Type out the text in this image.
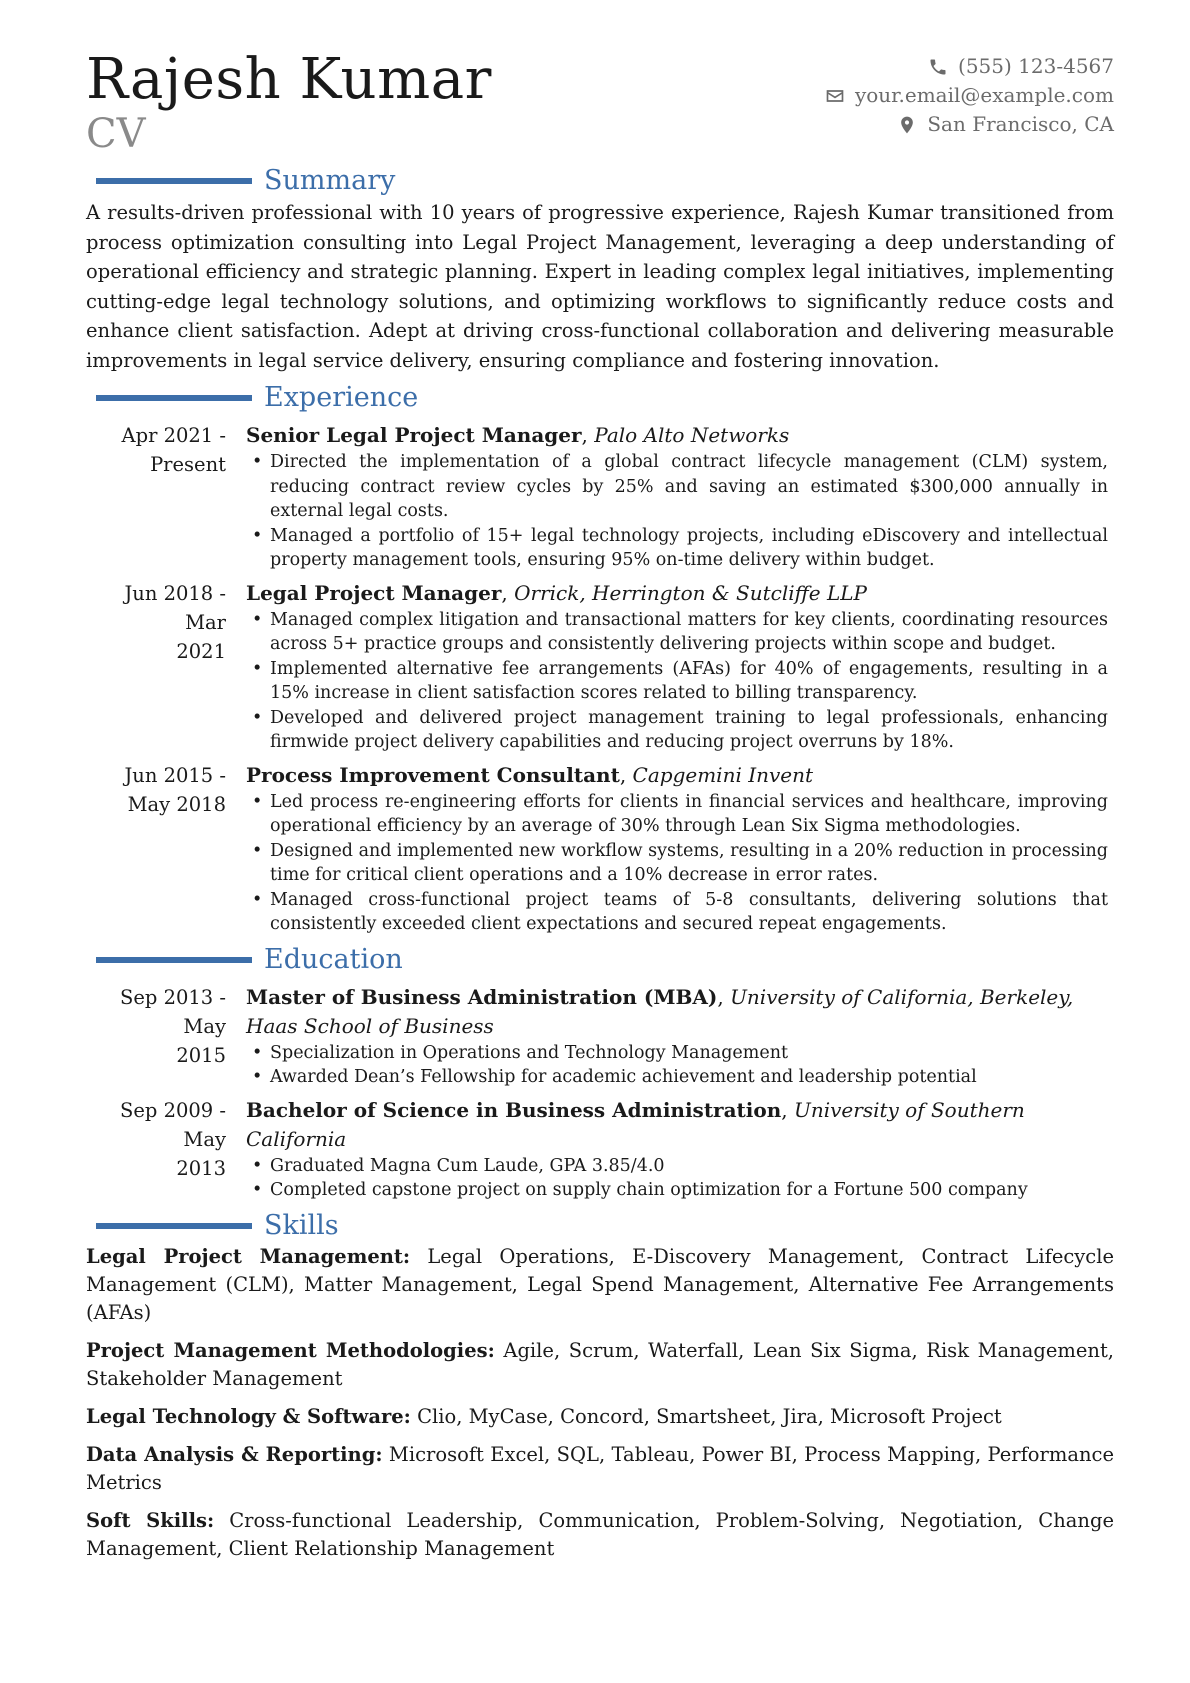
Rajesh Kumar
CV
(555) 123-4567
your.email@example.com
San Francisco, CA
Summary

A results-driven professional with 10 years of progressive experience, Rajesh Kumar transitioned from process optimization consulting into Legal Project Management, leveraging a deep understanding of operational efficiency and strategic planning. Expert in leading complex legal initiatives, implementing cutting-edge legal technology solutions, and optimizing workflows to significantly reduce costs and enhance client satisfaction. Adept at driving cross-functional collaboration and delivering measurable improvements in legal service delivery, ensuring compliance and fostering innovation.

Experience
Apr 2021 -
Present
Senior Legal Project Manager, Palo Alto Networks
• Directed the implementation of a global contract lifecycle management (CLM) system, reducing contract review cycles by 25% and saving an estimated $300,000 annually in external legal costs.
• Managed a portfolio of 15+ legal technology projects, including eDiscovery and intellectual property management tools, ensuring 95% on-time delivery within budget.
Jun 2018 - Mar
2021
Legal Project Manager, Orrick, Herrington & Sutcliffe LLP
• Managed complex litigation and transactional matters for key clients, coordinating resources across 5+ practice groups and consistently delivering projects within scope and budget.
• Implemented alternative fee arrangements (AFAs) for 40% of engagements, resulting in a 15% increase in client satisfaction scores related to billing transparency.
• Developed and delivered project management training to legal professionals, enhancing firmwide project delivery capabilities and reducing project overruns by 18%.
Jun 2015 -
May 2018
Process Improvement Consultant, Capgemini Invent
• Led process re-engineering efforts for clients in financial services and healthcare, improving operational efficiency by an average of 30% through Lean Six Sigma methodologies.
• Designed and implemented new workflow systems, resulting in a 20% reduction in processing time for critical client operations and a 10% decrease in error rates.
• Managed cross-functional project teams of 5-8 consultants, delivering solutions that consistently exceeded client expectations and secured repeat engagements.
Education
Sep 2013 - May
2015
Master of Business Administration (MBA), University of California, Berkeley, Haas School of Business
• Specialization in Operations and Technology Management
• Awarded Dean’s Fellowship for academic achievement and leadership potential
Sep 2009 - May
2013
Bachelor of Science in Business Administration, University of Southern California
• Graduated Magna Cum Laude, GPA 3.85/4.0
• Completed capstone project on supply chain optimization for a Fortune 500 company
Skills

Legal Project Management: Legal Operations, E-Discovery Management, Contract Lifecycle Management (CLM), Matter Management, Legal Spend Management, Alternative Fee Arrangements (AFAs)

Project Management Methodologies: Agile, Scrum, Waterfall, Lean Six Sigma, Risk Management, Stakeholder Management

Legal Technology & Software: Clio, MyCase, Concord, Smartsheet, Jira, Microsoft Project

Data Analysis & Reporting: Microsoft Excel, SQL, Tableau, Power BI, Process Mapping, Performance Metrics

Soft Skills: Cross-functional Leadership, Communication, Problem-Solving, Negotiation, Change Management, Client Relationship Management
